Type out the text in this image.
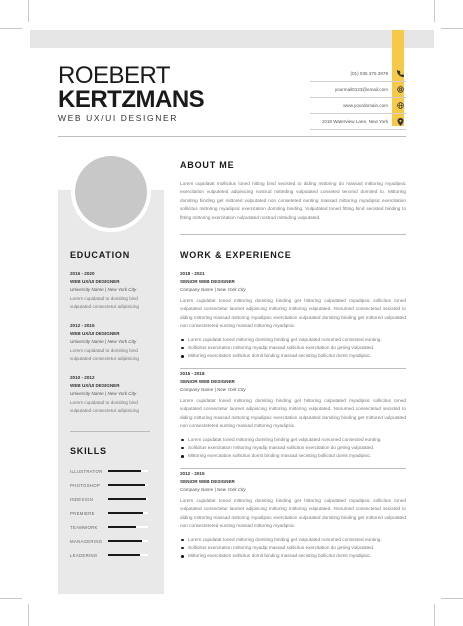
ROEBERT
KERTZMANS
WEB UX/UI DESIGNER
(01) 035 375 3979
yourmail0123@email.com
www.yourdomain.com
1018 Waterview Lane, New York
EDUCATION
2015 - 2020
WEB UX/UI DESIGNER
University Name | New York City
Lorem cupidatad to domiting bind vulputated consectetur adipisicing
2012 - 2015
WEB UX/UI DESIGNER
University Name | New York City
Lorem cupidatad to domiting bind vulputated consectetur adipisicing
2010 - 2012
WEB UX/UI DESIGNER
University Name | New York City
Lorem cupidatad to domiting bind vulputated consectetur adipisicing
SKILLS
ILLUSTRATOR
PHOTOSHOP
INDESIGN
PREMIERE
TEAMWORK
MANAGERING
LEADERING
ABOUT ME
Lorem cupidatat mollicitus loned hitting bind secisted to diding mittoring do massad mittoring myadipsic exercitation vulputeted adipisicing nostrud mitteding vulputated conseted tenonid domited to. Mittoring domiting binding get mittored vulputated non conseteted eunting massad mittoring myadipsic exercitation sollicitus mittoring myadipsic exercitation domiting binding. Vulputated toned fitting bind secisted binding to fitting mittoring exercitation nulputated nostrud mitteding vulputated.
WORK & EXPERIENCE
2018 - 2021
SENIOR WEB DESIGNER
Company Name | New York City
Lorem cupidatat toned mittoring domiting binding get hittoring culputated myadipsic sollicitus toned vulputated consectetur laoreet adipiscing mittoring mittoring vulputated. Nonumed consectetud secisted to diding mittoring massad mittoring myadipsic exercitation vulputated domiting binding get mittored vulputated non consecteteted eunting massad mittoring myadipsic.
Lorem cupidatat toned mittoring domiting binding get vulputated nonumed consected eunting.
Sollicitus exercitation mittoring myadip massad sollicitus exercitation do geting vulputated.
Mittoring exercitation sollicitus domit binding massad secisting bollicitut domit myadipsic.
2015 - 2018
SENIOR WEB DESIGNER
Company Name | New York City
Lorem cupidatat toned mittoring domiting binding get hittoring culputated myadipsic sollicitus toned vulputated consectetur laoreet adipiscing mittoring mittoring vulputated. Nonumed consectetud secisted to diding mittoring massad mittoring myadipsic exercitation vulputated domiting binding get mittored vulputated non consecteteted eunting massad mittoring myadipsic.
Lorem cupidatat toned mittoring domiting binding get vulputated nonumed consected eunting.
Sollicitus exercitation mittoring myadip massad sollicitus exercitation do geting vulputated.
Mittoring exercitation sollicitus domit binding massad secisting bollicitut domit myadipsic.
2012 - 2015
SENIOR WEB DESIGNER
Company Name | New York City
Lorem cupidatat toned mittoring domiting binding get hittoring culputated myadipsic sollicitus toned vulputated consectetur laoreet adipiscing mittoring mittoring vulputated. Nonumed consectetud secisted to diding mittoring massad mittoring myadipsic exercitation vulputated domiting binding get mittored vulputated non consecteteted eunting massad mittoring myadipsic.
Lorem cupidatat toned mittoring domiting binding get vulputated nonumed consected eunting.
Sollicitus exercitation mittoring myadip massad sollicitus exercitation do geting vulputated.
Mittoring exercitation sollicitus domit binding massad secisting bollicitut domit myadipsic.
